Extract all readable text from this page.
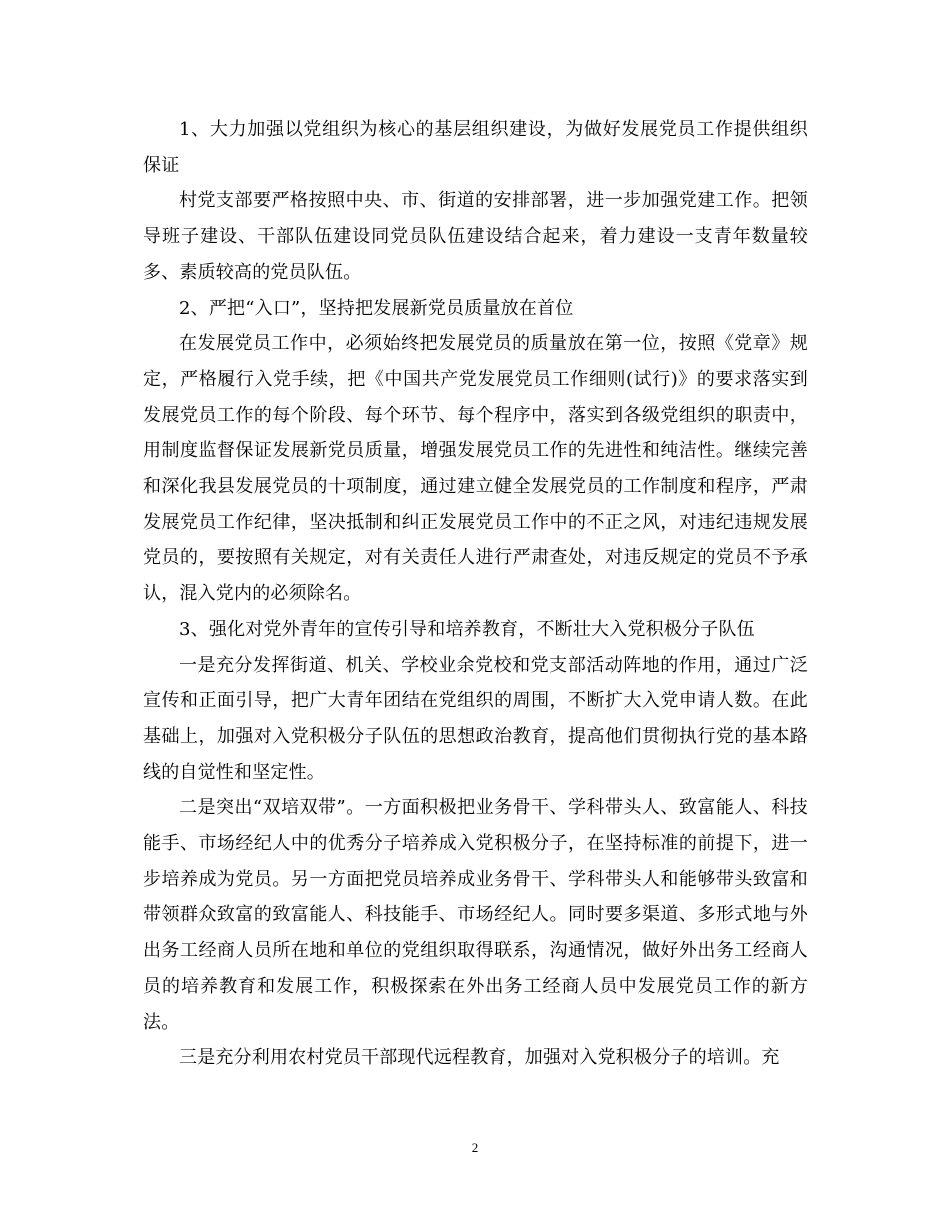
1、大力加强以党组织为核心的基层组织建设，为做好发展党员工作提供组织保证

村党支部要严格按照中央、市、街道的安排部署，进一步加强党建工作。把领导班子建设、干部队伍建设同党员队伍建设结合起来，着力建设一支青年数量较多、素质较高的党员队伍。

2、严把“入口”，坚持把发展新党员质量放在首位

在发展党员工作中，必须始终把发展党员的质量放在第一位，按照《党章》规定，严格履行入党手续，把《中国共产党发展党员工作细则(试行)》的要求落实到发展党员工作的每个阶段、每个环节、每个程序中，落实到各级党组织的职责中，用制度监督保证发展新党员质量，增强发展党员工作的先进性和纯洁性。继续完善和深化我县发展党员的十项制度，通过建立健全发展党员的工作制度和程序，严肃发展党员工作纪律，坚决抵制和纠正发展党员工作中的不正之风，对违纪违规发展党员的，要按照有关规定，对有关责任人进行严肃查处，对违反规定的党员不予承认，混入党内的必须除名。

3、强化对党外青年的宣传引导和培养教育，不断壮大入党积极分子队伍

一是充分发挥街道、机关、学校业余党校和党支部活动阵地的作用，通过广泛宣传和正面引导，把广大青年团结在党组织的周围，不断扩大入党申请人数。在此基础上，加强对入党积极分子队伍的思想政治教育，提高他们贯彻执行党的基本路线的自觉性和坚定性。

二是突出“双培双带”。一方面积极把业务骨干、学科带头人、致富能人、科技能手、市场经纪人中的优秀分子培养成入党积极分子，在坚持标准的前提下，进一步培养成为党员。另一方面把党员培养成业务骨干、学科带头人和能够带头致富和带领群众致富的致富能人、科技能手、市场经纪人。同时要多渠道、多形式地与外出务工经商人员所在地和单位的党组织取得联系，沟通情况，做好外出务工经商人员的培养教育和发展工作，积极探索在外出务工经商人员中发展党员工作的新方法。

三是充分利用农村党员干部现代远程教育，加强对入党积极分子的培训。充

2
